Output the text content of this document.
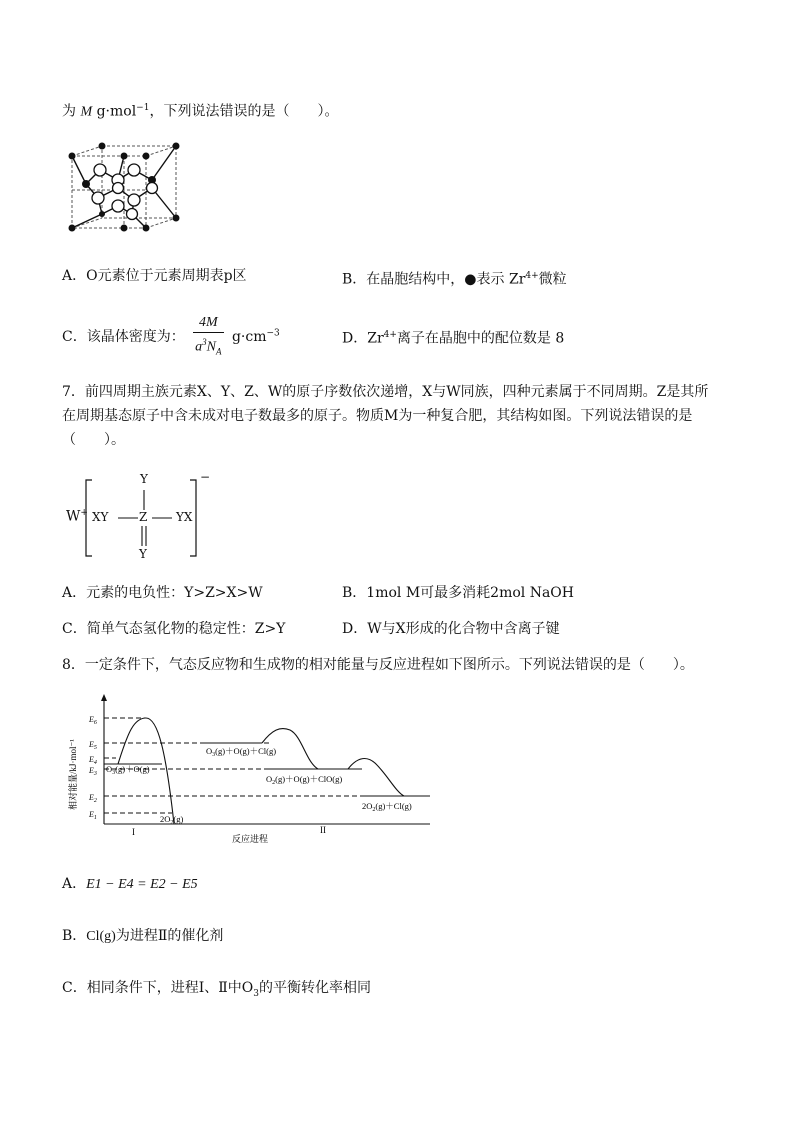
为 M g·mol$^{-1}$，下列说法错误的是（　　）。
A．O元素位于元素周期表p区	B．在晶胞结构中，●表示 $Zr^{4+}$微粒
C．该晶体密度为： $\frac{4M}{a^3N_A} g\cdot cm^{-3}$	D．$Zr^{4+}$离子在晶胞中的配位数是 8
7．前四周期主族元素X、Y、Z、W的原子序数依次递增，X与W同族，四种元素属于不同周期。Z是其所
在周期基态原子中含未成对电子数最多的原子。物质M为一种复合肥，其结构如图。下列说法错误的是
（　　）。
W+ XY	Z YX
Y
Y
−
A．元素的电负性：Y>Z>X>W	B．1mol M可最多消耗2mol NaOH
C．简单气态氢化物的稳定性：Z>Y	D．W与X形成的化合物中含离子键
8．一定条件下，气态反应物和生成物的相对能量与反应进程如下图所示。下列说法错误的是（　　）。
相对能量/kJ·mol⁻¹
$E_6$
$E_5$
$E_4$
$E_3$
$E_2$
$E_1$
$O_3(g)+O(g)$
$2O_2(g)$
$O_3(g)+O(g)+Cl(g)$
$O_2(g)+O(g)+ClO(g)$
$2O_2(g)+Cl(g)$
I	II
反应进程
A．E1 − E4 = E2 − E5
B．Cl(g)为进程Ⅱ的催化剂
C．相同条件下，进程Ⅰ、Ⅱ中$O_3$的平衡转化率相同
